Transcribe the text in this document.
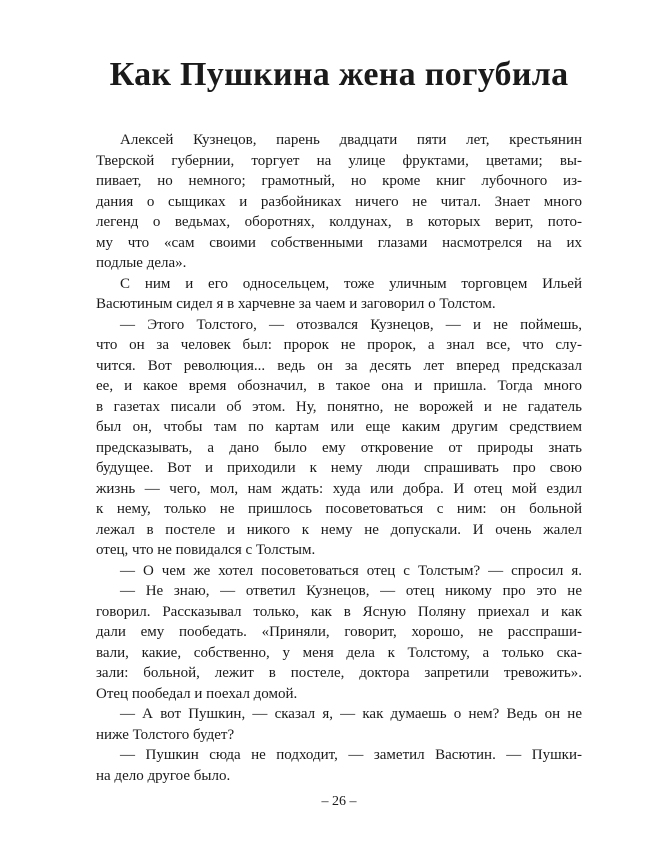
Как Пушкина жена погубила
Алексей Кузнецов, парень двадцати пяти лет, крестьянин
Тверской губернии, торгует на улице фруктами, цветами; вы-
пивает, но немного; грамотный, но кроме книг лубочного из-
дания о сыщиках и разбойниках ничего не читал. Знает много
легенд о ведьмах, оборотнях, колдунах, в которых верит, пото-
му что «сам своими собственными глазами насмотрелся на их
подлые дела».
С ним и его односельцем, тоже уличным торговцем Ильей
Васютиным сидел я в харчевне за чаем и заговорил о Толстом.
— Этого Толстого, — отозвался Кузнецов, — и не поймешь,
что он за человек был: пророк не пророк, а знал все, что слу-
чится. Вот революция... ведь он за десять лет вперед предсказал
ее, и какое время обозначил, в такое она и пришла. Тогда много
в газетах писали об этом. Ну, понятно, не ворожей и не гадатель
был он, чтобы там по картам или еще каким другим средствием
предсказывать, а дано было ему откровение от природы знать
будущее. Вот и приходили к нему люди спрашивать про свою
жизнь — чего, мол, нам ждать: худа или добра. И отец мой ездил
к нему, только не пришлось посоветоваться с ним: он больной
лежал в постеле и никого к нему не допускали. И очень жалел
отец, что не повидался с Толстым.
— О чем же хотел посоветоваться отец с Толстым? — спросил я.
— Не знаю, — ответил Кузнецов, — отец никому про это не
говорил. Рассказывал только, как в Ясную Поляну приехал и как
дали ему пообедать. «Приняли, говорит, хорошо, не расспраши-
вали, какие, собственно, у меня дела к Толстому, а только ска-
зали: больной, лежит в постеле, доктора запретили тревожить».
Отец пообедал и поехал домой.
— А вот Пушкин, — сказал я, — как думаешь о нем? Ведь он не
ниже Толстого будет?
— Пушкин сюда не подходит, — заметил Васютин. — Пушки-
на дело другое было.
– 26 –
